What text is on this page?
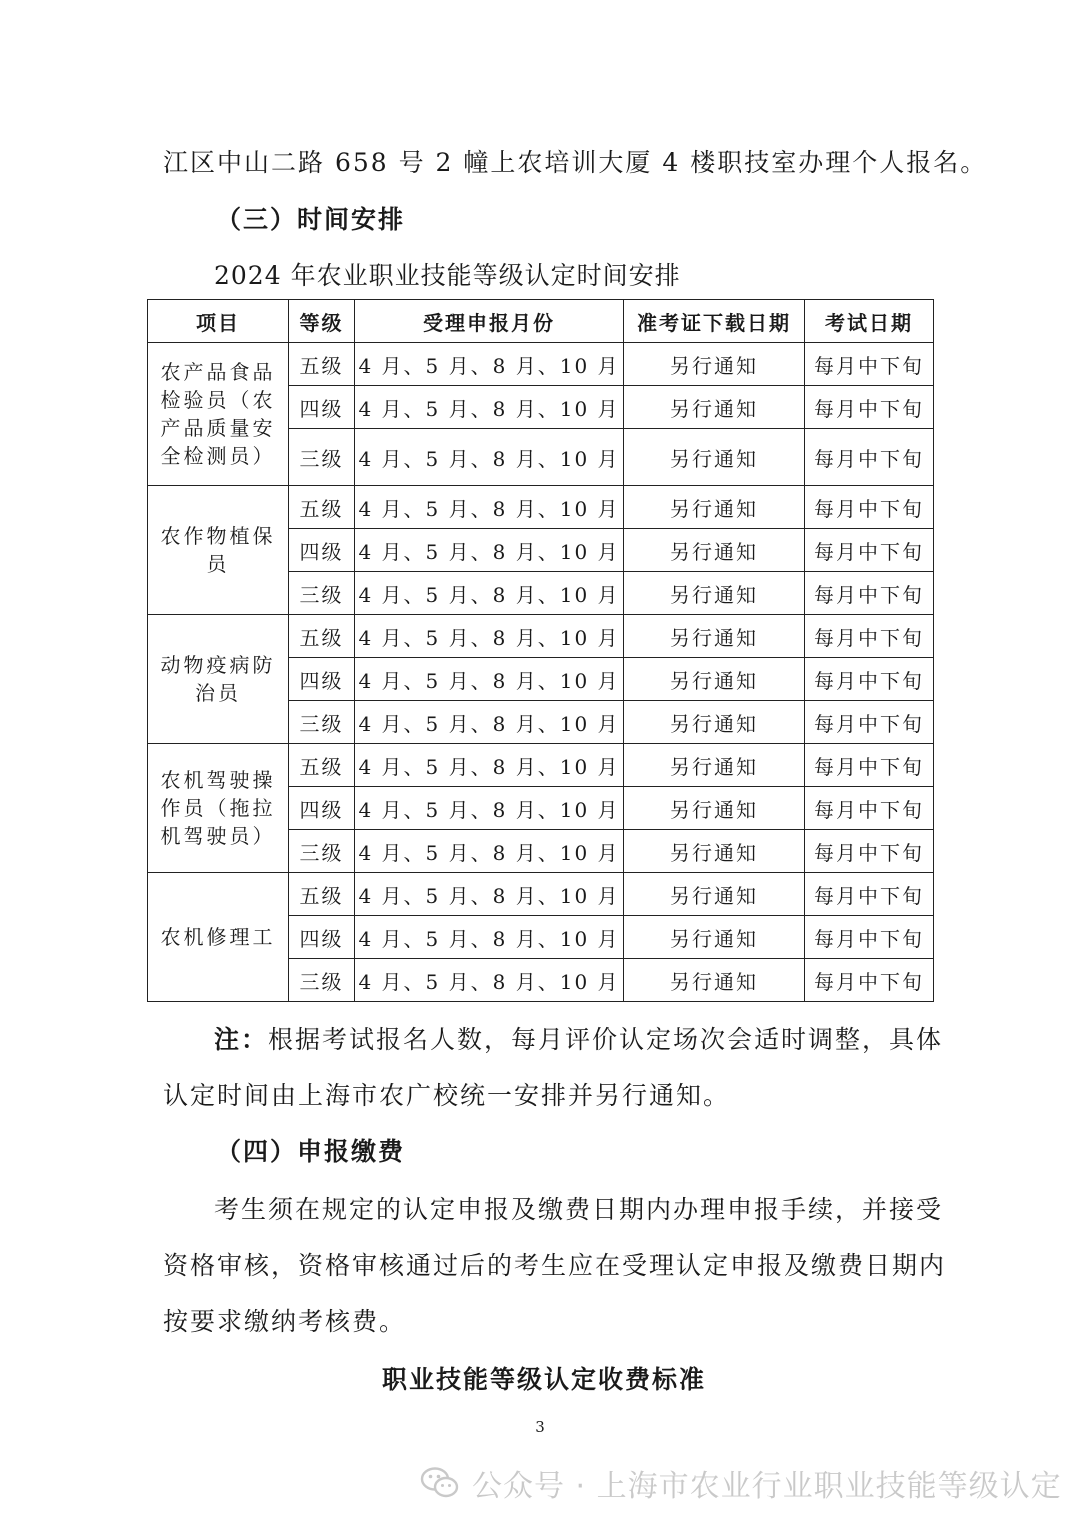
江区中山二路 658 号 2 幢上农培训大厦 4 楼职技室办理个人报名。
（三）时间安排
2024 年农业职业技能等级认定时间安排
项目	等级	受理申报月份	准考证下载日期	考试日期
农产品食品检验员（农产品质量安全检测员）	五级	4 月、5 月、8 月、10 月	另行通知	每月中下旬
	四级	4 月、5 月、8 月、10 月	另行通知	每月中下旬
	三级	4 月、5 月、8 月、10 月	另行通知	每月中下旬
农作物植保员	五级	4 月、5 月、8 月、10 月	另行通知	每月中下旬
	四级	4 月、5 月、8 月、10 月	另行通知	每月中下旬
	三级	4 月、5 月、8 月、10 月	另行通知	每月中下旬
动物疫病防治员	五级	4 月、5 月、8 月、10 月	另行通知	每月中下旬
	四级	4 月、5 月、8 月、10 月	另行通知	每月中下旬
	三级	4 月、5 月、8 月、10 月	另行通知	每月中下旬
农机驾驶操作员（拖拉机驾驶员）	五级	4 月、5 月、8 月、10 月	另行通知	每月中下旬
	四级	4 月、5 月、8 月、10 月	另行通知	每月中下旬
	三级	4 月、5 月、8 月、10 月	另行通知	每月中下旬
农机修理工	五级	4 月、5 月、8 月、10 月	另行通知	每月中下旬
	四级	4 月、5 月、8 月、10 月	另行通知	每月中下旬
	三级	4 月、5 月、8 月、10 月	另行通知	每月中下旬
注：根据考试报名人数，每月评价认定场次会适时调整，具体
认定时间由上海市农广校统一安排并另行通知。
（四）申报缴费
考生须在规定的认定申报及缴费日期内办理申报手续，并接受
资格审核，资格审核通过后的考生应在受理认定申报及缴费日期内
按要求缴纳考核费。
职业技能等级认定收费标准
3
公众号 · 上海市农业行业职业技能等级认定
